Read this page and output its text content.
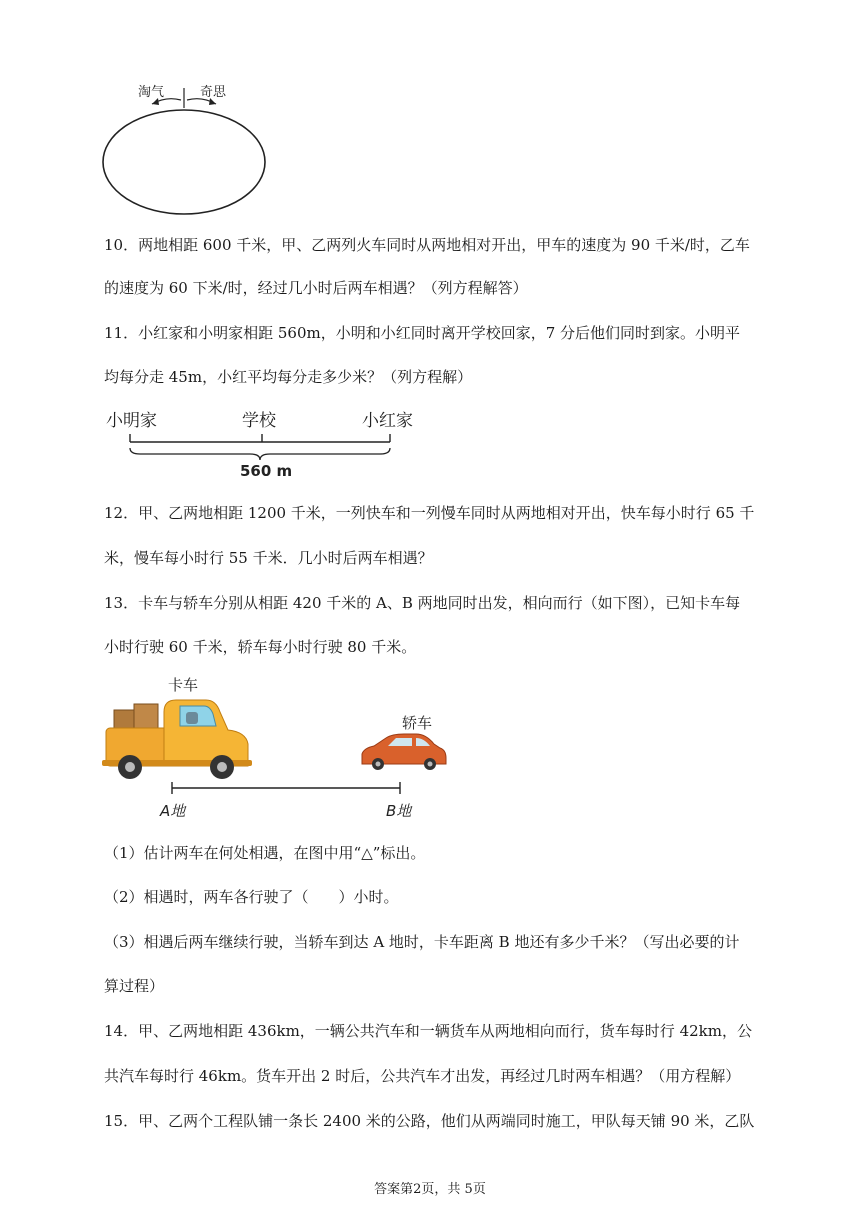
淘气	奇思
10．两地相距 600 千米，甲、乙两列火车同时从两地相对开出，甲车的速度为 90 千米/时，乙车
的速度为 60 下米/时，经过几小时后两车相遇？（列方程解答）
11．小红家和小明家相距 560m，小明和小红同时离开学校回家，7 分后他们同时到家。小明平
均每分走 45m，小红平均每分走多少米？（列方程解）
小明家	学校	小红家
560 m
12．甲、乙两地相距 1200 千米，一列快车和一列慢车同时从两地相对开出，快车每小时行 65 千
米，慢车每小时行 55 千米．几小时后两车相遇？
13．卡车与轿车分别从相距 420 千米的 A、B 两地同时出发，相向而行（如下图），已知卡车每
小时行驶 60 千米，轿车每小时行驶 80 千米。
卡车
轿车
A地	B地
（1）估计两车在何处相遇，在图中用“△”标出。
（2）相遇时，两车各行驶了（　　）小时。
（3）相遇后两车继续行驶，当轿车到达 A 地时，卡车距离 B 地还有多少千米？（写出必要的计
算过程）
14．甲、乙两地相距 436km，一辆公共汽车和一辆货车从两地相向而行，货车每时行 42km，公
共汽车每时行 46km。货车开出 2 时后，公共汽车才出发，再经过几时两车相遇？（用方程解）
15．甲、乙两个工程队铺一条长 2400 米的公路，他们从两端同时施工，甲队每天铺 90 米，乙队
答案第2页，共 5页
